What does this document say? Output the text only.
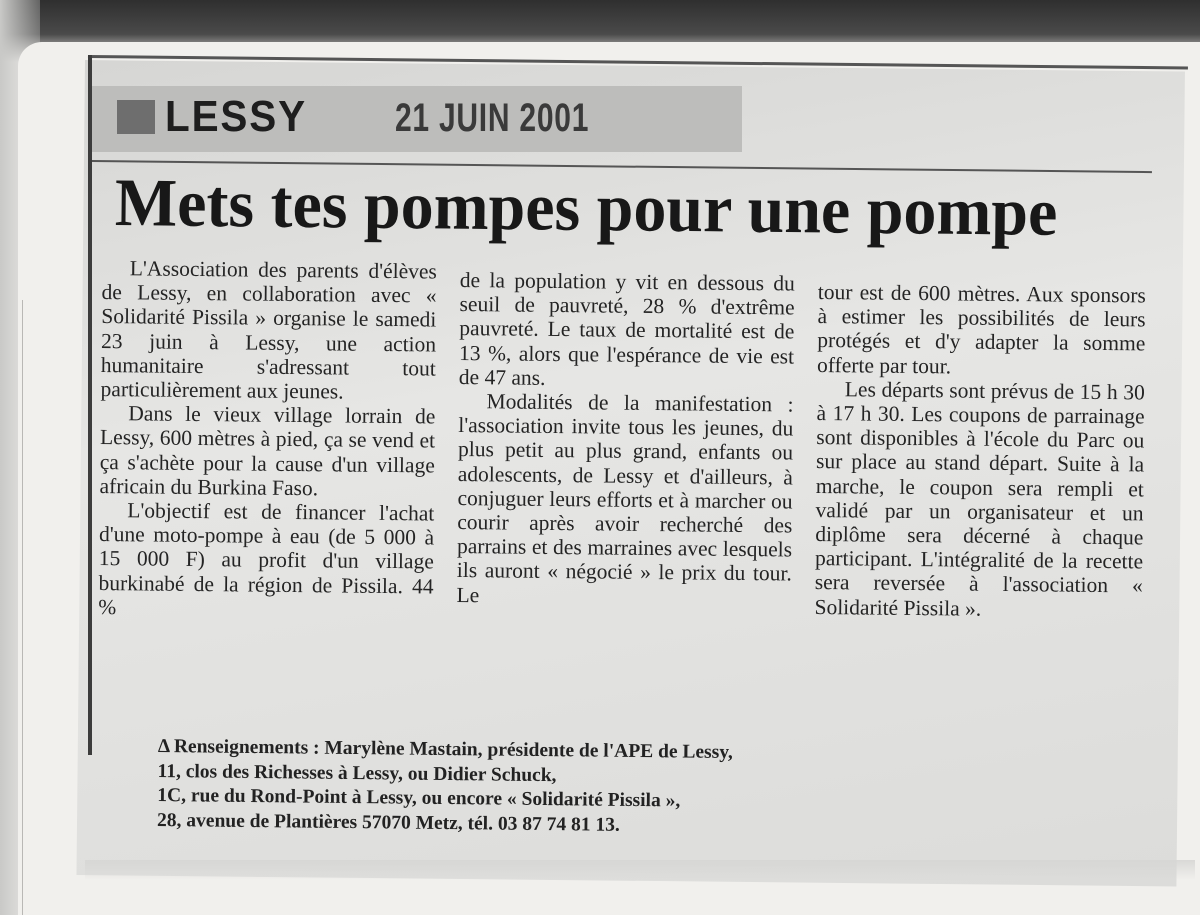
LESSY 21 JUIN 2001
Mets tes pompes pour une pompe

L'Association des parents d'élèves de Lessy, en collaboration avec « Solidarité Pissila » organise le samedi 23 juin à Lessy, une action humanitaire s'adressant tout particulièrement aux jeunes.

Dans le vieux village lorrain de Lessy, 600 mètres à pied, ça se vend et ça s'achète pour la cause d'un village africain du Burkina Faso.

L'objectif est de financer l'achat d'une moto-pompe à eau (de 5 000 à 15 000 F) au profit d'un village burkinabé de la région de Pissila. 44 %

de la population y vit en dessous du seuil de pauvreté, 28 % d'extrême pauvreté. Le taux de mortalité est de 13 %, alors que l'espérance de vie est de 47 ans.

Modalités de la manifestation : l'association invite tous les jeunes, du plus petit au plus grand, enfants ou adolescents, de Lessy et d'ailleurs, à conjuguer leurs efforts et à marcher ou courir après avoir recherché des parrains et des marraines avec lesquels ils auront « négocié » le prix du tour. Le

tour est de 600 mètres. Aux sponsors à estimer les possibilités de leurs protégés et d'y adapter la somme offerte par tour.

Les départs sont prévus de 15 h 30 à 17 h 30. Les coupons de parrainage sont disponibles à l'école du Parc ou sur place au stand départ. Suite à la marche, le coupon sera rempli et validé par un organisateur et un diplôme sera décerné à chaque participant. L'intégralité de la recette sera reversée à l'association « Solidarité Pissila ».

Δ Renseignements : Marylène Mastain, présidente de l'APE de Lessy,
11, clos des Richesses à Lessy, ou Didier Schuck,
1C, rue du Rond-Point à Lessy, ou encore « Solidarité Pissila »,
28, avenue de Plantières 57070 Metz, tél. 03 87 74 81 13.
